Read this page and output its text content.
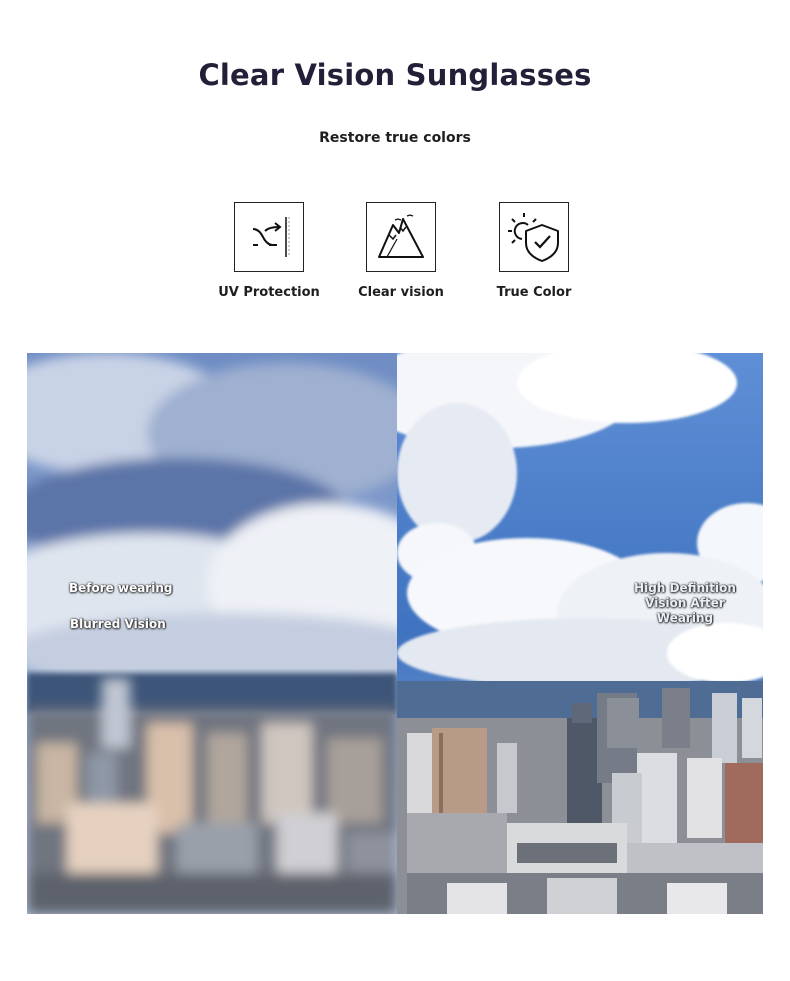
Clear Vision Sunglasses
Restore true colors
UV Protection	Clear vision	True Color
Before wearing
Blurred Vision
High Definition Vision After Wearing
